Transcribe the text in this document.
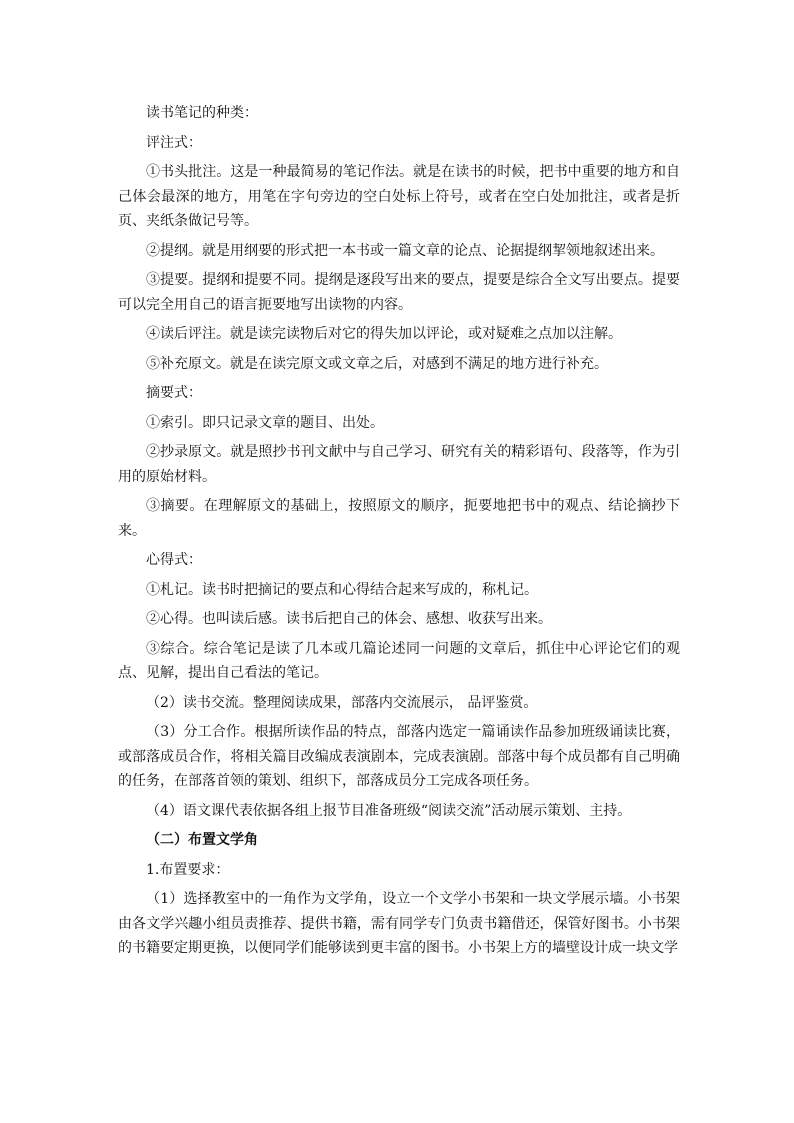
读书笔记的种类：

评注式：

①书头批注。这是一种最简易的笔记作法。就是在读书的时候，把书中重要的地方和自己体会最深的地方，用笔在字句旁边的空白处标上符号，或者在空白处加批注，或者是折页、夹纸条做记号等。

②提纲。就是用纲要的形式把一本书或一篇文章的论点、论据提纲挈领地叙述出来。

③提要。提纲和提要不同。提纲是逐段写出来的要点，提要是综合全文写出要点。提要可以完全用自己的语言扼要地写出读物的内容。

④读后评注。就是读完读物后对它的得失加以评论，或对疑难之点加以注解。

⑤补充原文。就是在读完原文或文章之后，对感到不满足的地方进行补充。

摘要式：

①索引。即只记录文章的题目、出处。

②抄录原文。就是照抄书刊文献中与自己学习、研究有关的精彩语句、段落等，作为引用的原始材料。

③摘要。在理解原文的基础上，按照原文的顺序，扼要地把书中的观点、结论摘抄下来。

心得式：

①札记。读书时把摘记的要点和心得结合起来写成的，称札记。

②心得。也叫读后感。读书后把自己的体会、感想、收获写出来。

③综合。综合笔记是读了几本或几篇论述同一问题的文章后，抓住中心评论它们的观点、见解，提出自己看法的笔记。

（2）读书交流。整理阅读成果，部落内交流展示， 品评鉴赏。

（3）分工合作。根据所读作品的特点，部落内选定一篇诵读作品参加班级诵读比赛，或部落成员合作，将相关篇目改编成表演剧本，完成表演剧。部落中每个成员都有自己明确的任务，在部落首领的策划、组织下，部落成员分工完成各项任务。

（4）语文课代表依据各组上报节目准备班级“阅读交流”活动展示策划、主持。

（二）布置文学角

1.布置要求：

（1）选择教室中的一角作为文学角，设立一个文学小书架和一块文学展示墙。小书架由各文学兴趣小组员责推荐、提供书籍，需有同学专门负责书籍借还，保管好图书。小书架的书籍要定期更换，以便同学们能够读到更丰富的图书。小书架上方的墙壁设计成一块文学
